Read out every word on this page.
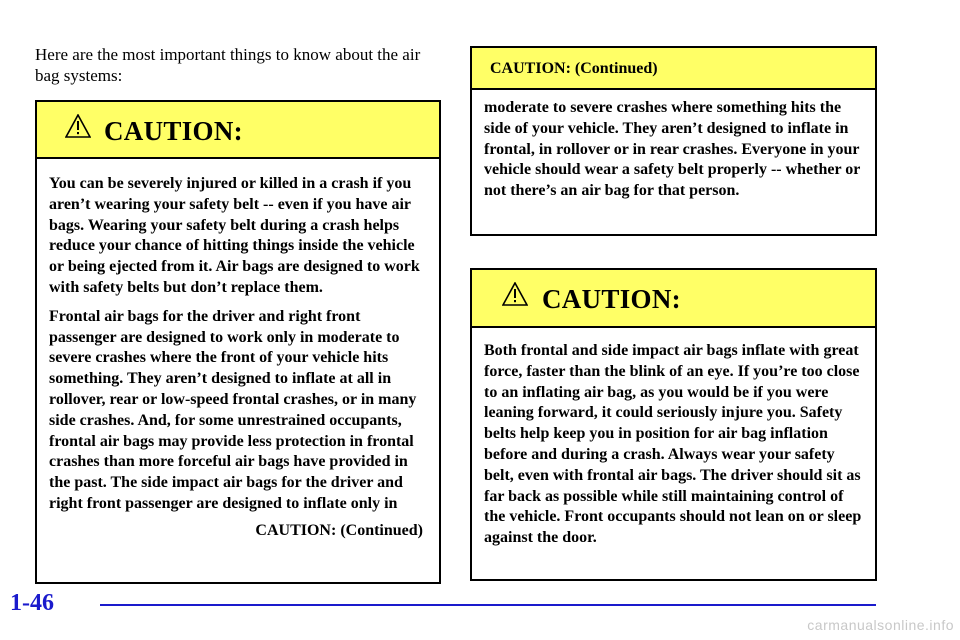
Here are the most important things to know about the air bag systems:
CAUTION:

You can be severely injured or killed in a crash if you aren’t wearing your safety belt -- even if you have air bags. Wearing your safety belt during a crash helps reduce your chance of hitting things inside the vehicle or being ejected from it. Air bags are designed to work with safety belts but don’t replace them.

Frontal air bags for the driver and right front passenger are designed to work only in moderate to severe crashes where the front of your vehicle hits something. They aren’t designed to inflate at all in rollover, rear or low-speed frontal crashes, or in many side crashes. And, for some unrestrained occupants, frontal air bags may provide less protection in frontal crashes than more forceful air bags have provided in the past. The side impact air bags for the driver and right front passenger are designed to inflate only in

CAUTION: (Continued)
CAUTION: (Continued)

moderate to severe crashes where something hits the side of your vehicle. They aren’t designed to inflate in frontal, in rollover or in rear crashes. Everyone in your vehicle should wear a safety belt properly -- whether or not there’s an air bag for that person.

CAUTION:

Both frontal and side impact air bags inflate with great force, faster than the blink of an eye. If you’re too close to an inflating air bag, as you would be if you were leaning forward, it could seriously injure you. Safety belts help keep you in position for air bag inflation before and during a crash. Always wear your safety belt, even with frontal air bags. The driver should sit as far back as possible while still maintaining control of the vehicle. Front occupants should not lean on or sleep against the door.

1-46
carmanualsonline.info
